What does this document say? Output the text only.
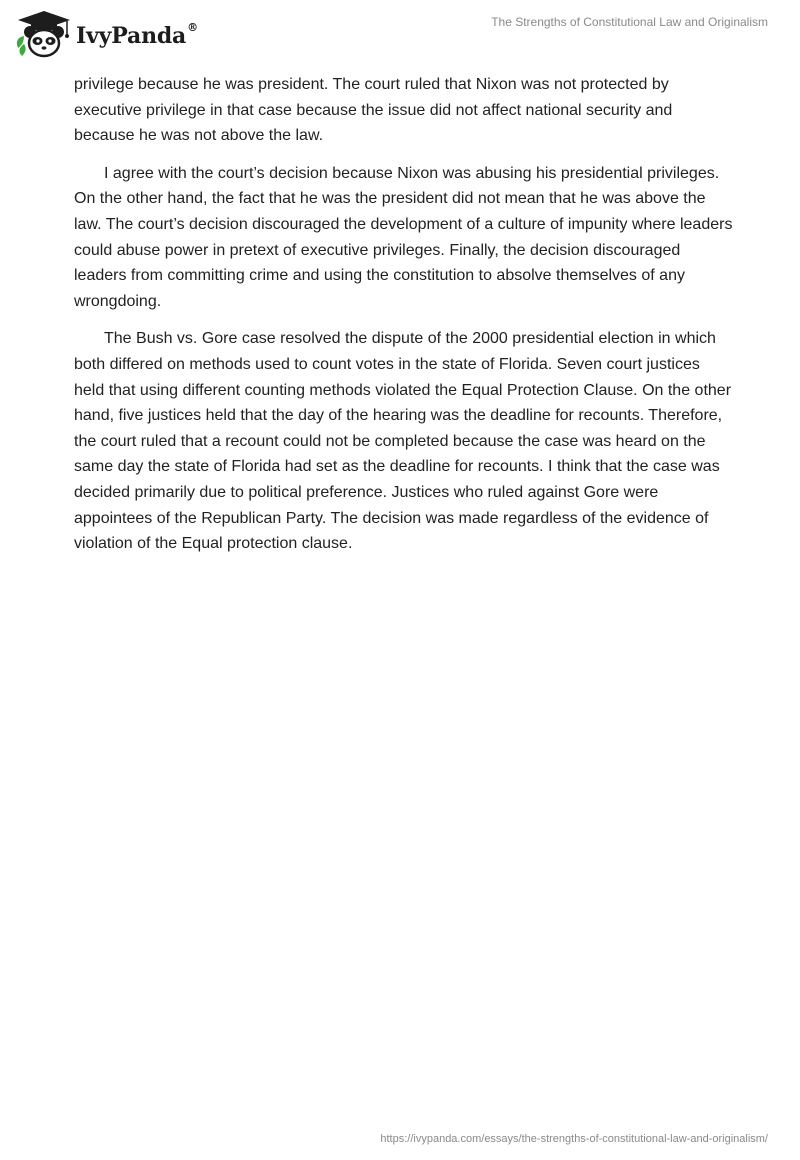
IvyPanda®	The Strengths of Constitutional Law and Originalism

privilege because he was president. The court ruled that Nixon was not protected by executive privilege in that case because the issue did not affect national security and because he was not above the law.

I agree with the court’s decision because Nixon was abusing his presidential privileges. On the other hand, the fact that he was the president did not mean that he was above the law. The court’s decision discouraged the development of a culture of impunity where leaders could abuse power in pretext of executive privileges. Finally, the decision discouraged leaders from committing crime and using the constitution to absolve themselves of any wrongdoing.

The Bush vs. Gore case resolved the dispute of the 2000 presidential election in which both differed on methods used to count votes in the state of Florida. Seven court justices held that using different counting methods violated the Equal Protection Clause. On the other hand, five justices held that the day of the hearing was the deadline for recounts. Therefore, the court ruled that a recount could not be completed because the case was heard on the same day the state of Florida had set as the deadline for recounts. I think that the case was decided primarily due to political preference. Justices who ruled against Gore were appointees of the Republican Party. The decision was made regardless of the evidence of violation of the Equal protection clause.

https://ivypanda.com/essays/the-strengths-of-constitutional-law-and-originalism/
